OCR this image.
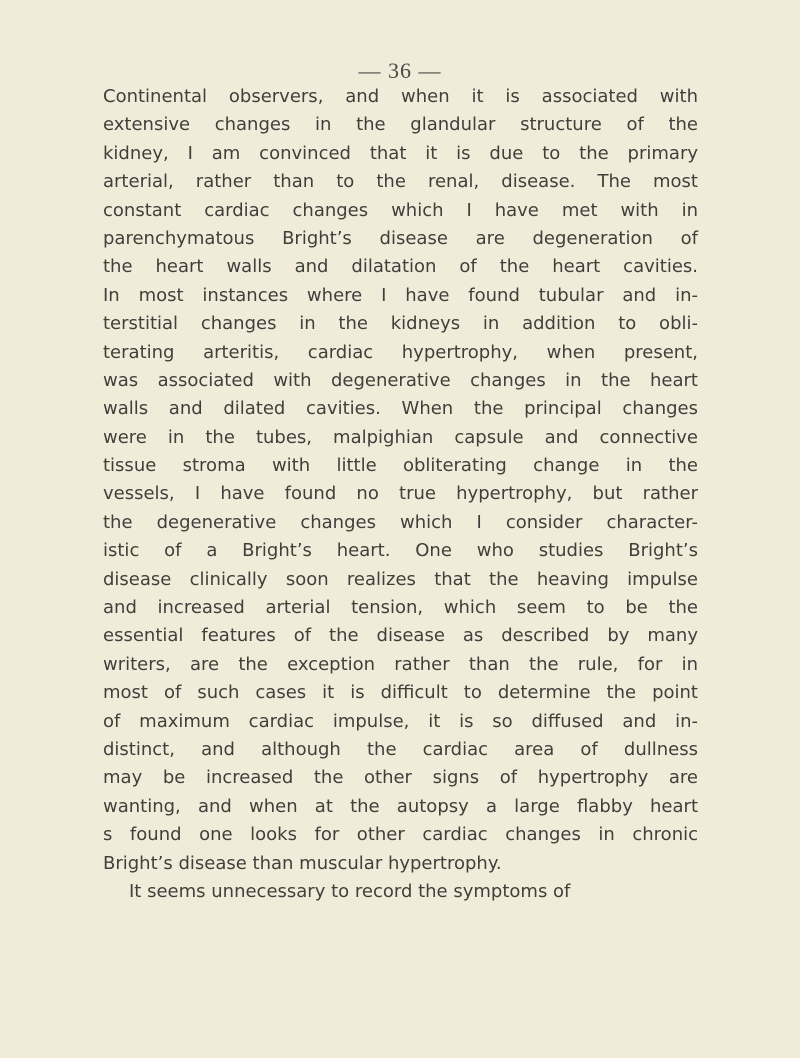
— 36 —
Continental observers, and when it is associated with
extensive changes in the glandular structure of the
kidney, I am convinced that it is due to the primary
arterial, rather than to the renal, disease. The most
constant cardiac changes which I have met with in
parenchymatous Bright’s disease are degeneration of
the heart walls and dilatation of the heart cavities.
In most instances where I have found tubular and in-
terstitial changes in the kidneys in addition to obli-
terating arteritis, cardiac hypertrophy, when present,
was associated with degenerative changes in the heart
walls and dilated cavities. When the principal changes
were in the tubes, malpighian capsule and connective
tissue stroma with little obliterating change in the
vessels, I have found no true hypertrophy, but rather
the degenerative changes which I consider character-
istic of a Bright’s heart. One who studies Bright’s
disease clinically soon realizes that the heaving impulse
and increased arterial tension, which seem to be the
essential features of the disease as described by many
writers, are the exception rather than the rule, for in
most of such cases it is difficult to determine the point
of maximum cardiac impulse, it is so diffused and in-
distinct, and although the cardiac area of dullness
may be increased the other signs of hypertrophy are
wanting, and when at the autopsy a large flabby heart
s found one looks for other cardiac changes in chronic
Bright’s disease than muscular hypertrophy.
It seems unnecessary to record the symptoms of
